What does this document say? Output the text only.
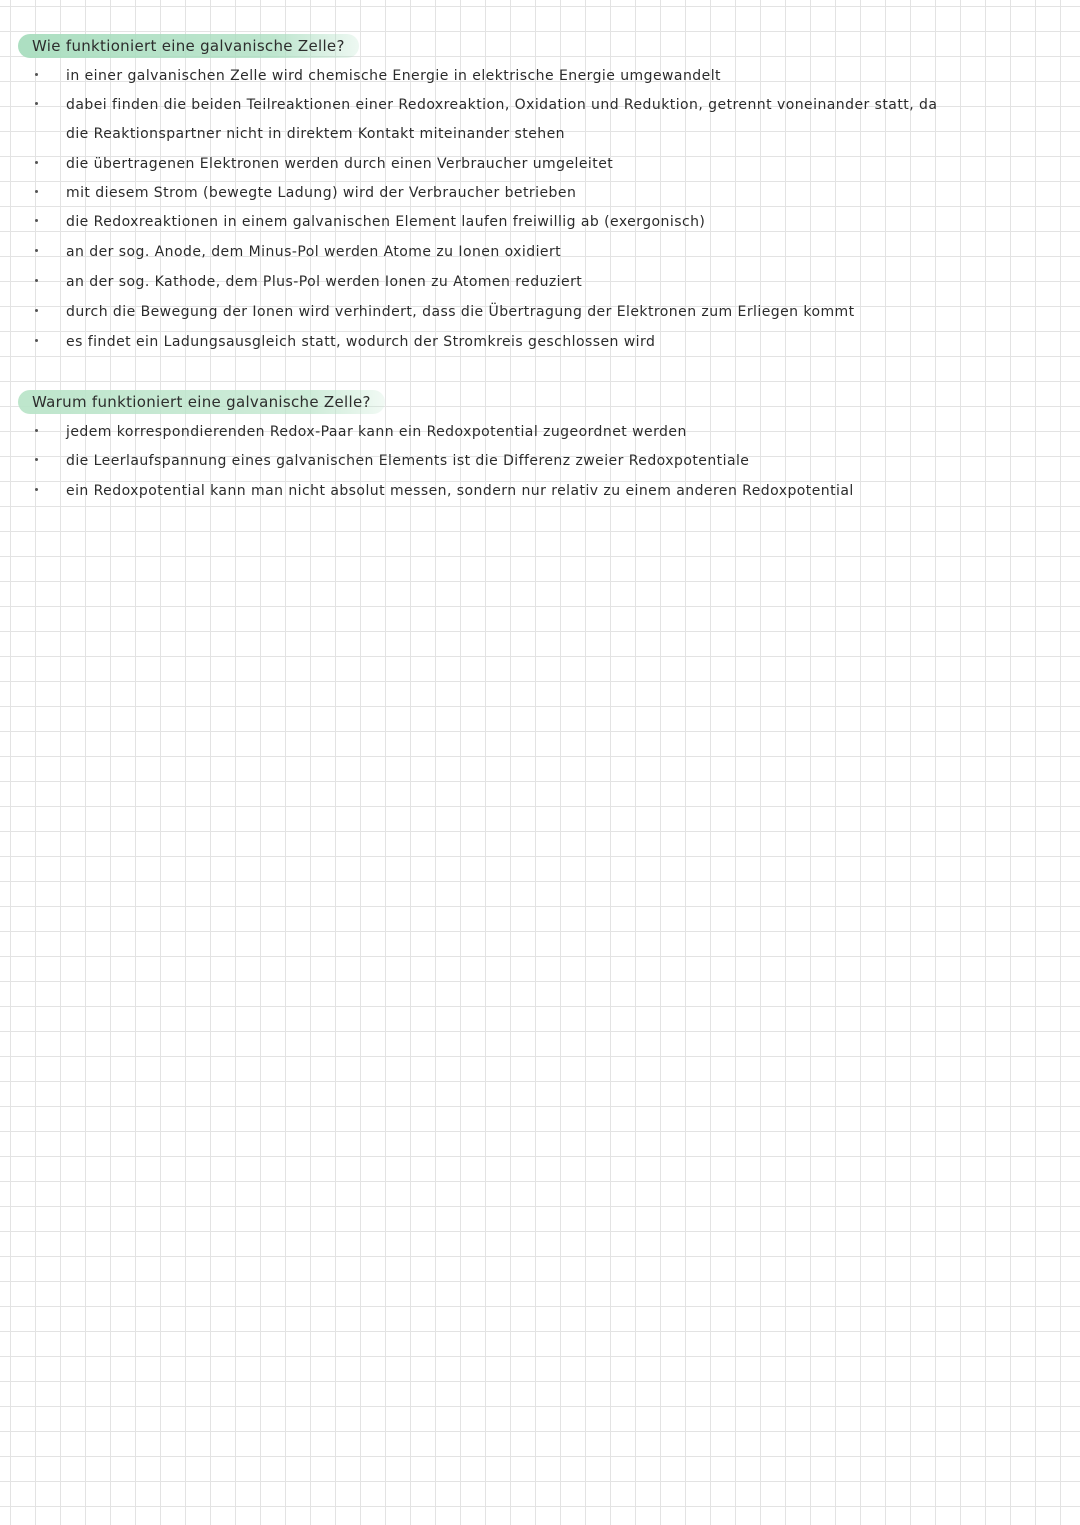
Wie funktioniert eine galvanische Zelle?
in einer galvanischen Zelle wird chemische Energie in elektrische Energie umgewandelt
dabei finden die beiden Teilreaktionen einer Redoxreaktion, Oxidation und Reduktion, getrennt voneinander statt, da
die Reaktionspartner nicht in direktem Kontakt miteinander stehen
die übertragenen Elektronen werden durch einen Verbraucher umgeleitet
mit diesem Strom (bewegte Ladung) wird der Verbraucher betrieben
die Redoxreaktionen in einem galvanischen Element laufen freiwillig ab (exergonisch)
an der sog. Anode, dem Minus-Pol werden Atome zu Ionen oxidiert
an der sog. Kathode, dem Plus-Pol werden Ionen zu Atomen reduziert
durch die Bewegung der Ionen wird verhindert, dass die Übertragung der Elektronen zum Erliegen kommt
es findet ein Ladungsausgleich statt, wodurch der Stromkreis geschlossen wird
Warum funktioniert eine galvanische Zelle?
jedem korrespondierenden Redox-Paar kann ein Redoxpotential zugeordnet werden
die Leerlaufspannung eines galvanischen Elements ist die Differenz zweier Redoxpotentiale
ein Redoxpotential kann man nicht absolut messen, sondern nur relativ zu einem anderen Redoxpotential
